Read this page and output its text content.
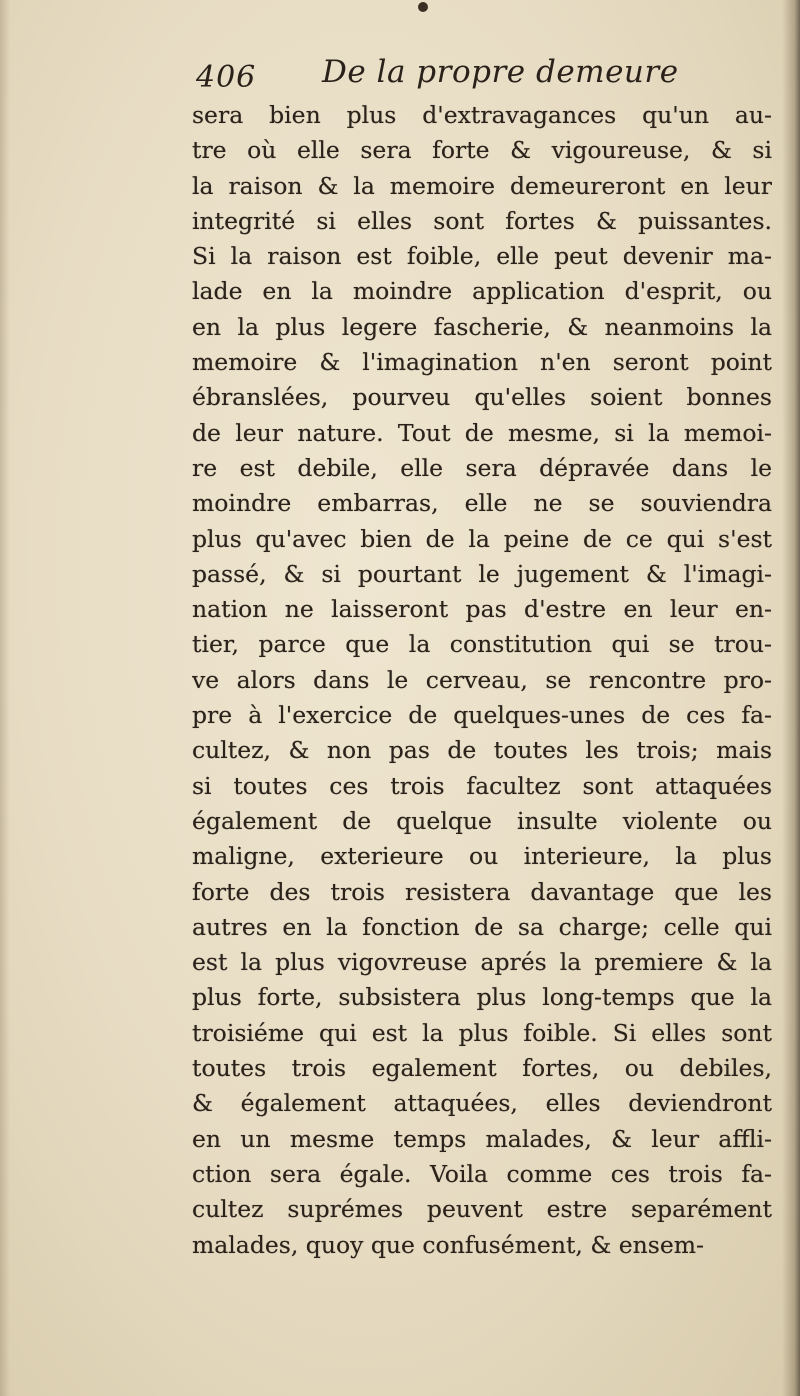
406 De la propre demeure
sera bien plus d'extravagances qu'un au-
tre où elle sera forte & vigoureuse, & si
la raison & la memoire demeureront en leur
integrité si elles sont fortes & puissantes.
Si la raison est foible, elle peut devenir ma-
lade en la moindre application d'esprit, ou
en la plus legere fascherie, & neanmoins la
memoire & l'imagination n'en seront point
ébranslées, pourveu qu'elles soient bonnes
de leur nature. Tout de mesme, si la memoi-
re est debile, elle sera dépravée dans le
moindre embarras, elle ne se souviendra
plus qu'avec bien de la peine de ce qui s'est
passé, & si pourtant le jugement & l'imagi-
nation ne laisseront pas d'estre en leur en-
tier, parce que la constitution qui se trou-
ve alors dans le cerveau, se rencontre pro-
pre à l'exercice de quelques-unes de ces fa-
cultez, & non pas de toutes les trois; mais
si toutes ces trois facultez sont attaquées
également de quelque insulte violente ou
maligne, exterieure ou interieure, la plus
forte des trois resistera davantage que les
autres en la fonction de sa charge; celle qui
est la plus vigovreuse aprés la premiere & la
plus forte, subsistera plus long-temps que la
troisiéme qui est la plus foible. Si elles sont
toutes trois egalement fortes, ou debiles,
& également attaquées, elles deviendront
en un mesme temps malades, & leur affli-
ction sera égale. Voila comme ces trois fa-
cultez suprémes peuvent estre separément
malades, quoy que confusément, & ensem-
